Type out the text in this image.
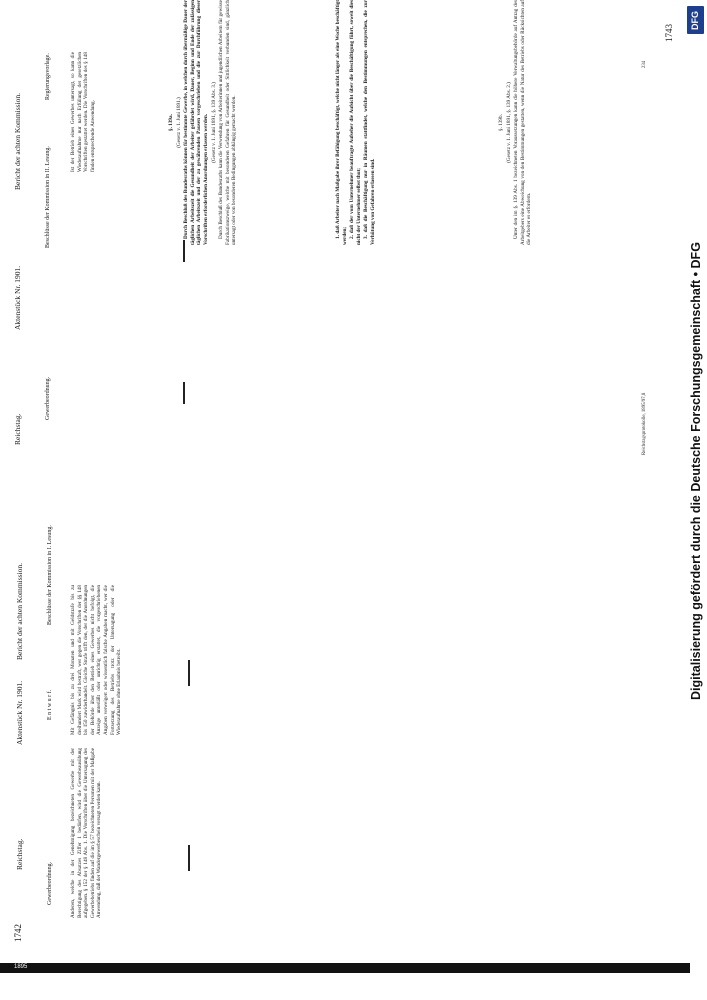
1742
Reichstag.
Aktenstück Nr. 1901.
Bericht der achten Kommission.
Gewerbeordnung.
E n t w u r f.
Beschlüsse der Kommission in I. Lesung.

Anderen, welche in der Genehmigung bezeichneten Gewerbe mit der Berechtigung des Absatzes Ziffer 1 bedürfen, wird die Gewerbeausübung aufgegeben. § 152 der § 148 Abs. 1. Die Vorschriften über die Untersagung des Gewerbebetriebs finden auf die im § 57 bezeichneten Personen mit der Maßgabe Anwendung, daß der Wandergewerbeschein versagt werden kann.

Mit Gefängnis bis zu drei Monaten und mit Geldstrafe bis zu dreihundert Mark wird bestraft, wer gegen die Vorschriften der §§ 148 bis 150 zuwiderhandelt. Gleiche Strafe trifft den, der die Anordnungen der Behörde über den Betrieb eines Gewerbes nicht befolgt, die Anzeige unterläßt oder unrichtig erstattet, die vorgeschriebenen Angaben verweigert oder wissentlich falsche Angaben macht, wer die Fortsetzung des Betriebs trotz der Untersagung oder die Wiederaufnahme ohne Erlaubnis betreibt.

1743
Reichstag.
Aktenstück Nr. 1901.
Bericht der achten Kommission.
Gewerbeordnung.
Beschlüsse der Kommission in II. Lesung.
Regierungsvorlage.	Ist der Betrieb eines Gewerbes untersagt, so kann die Wiederaufnahme nur nach Erfüllung der gesetzlichen Vorschriften gestattet werden. Die Vorschriften des § 148 finden entsprechende Anwendung.	§. 139a. (Gesetz v. 1. Juni 1891.) Durch Beschluß des Bundesraths können für bestimmte Gewerbe, in welchen durch übermäßige Dauer der täglichen Arbeitszeit die Gesundheit der Arbeiter gefährdet wird, Dauer, Beginn und Ende der zulässigen täglichen Arbeitszeit und der zu gewährenden Pausen vorgeschrieben und die zur Durchführung dieser Vorschriften erforderlichen Anordnungen erlassen werden. (Gesetz v. 1. Juni 1891, §. 139 Abs. 3.) Durch Beschluß des Bundesraths kann die Verwendung von Arbeiterinnen und jugendlichen Arbeitern für gewisse Fabrikationszweige, welche mit besonderen Gefahren für Gesundheit oder Sittlichkeit verbunden sind, gänzlich untersagt oder von besonderen Bedingungen abhängig gemacht werden.	1. daß Arbeiter nach Maßgabe ihrer Befähigung beschäftigt, welche nicht länger als eine Woche beschäftigt werden; 2. daß der vom Unternehmer beauftragte Aufseher die Aufsicht über die Beschäftigung führt, soweit dies nicht der Unternehmer selbst thut; 3. daß die Beschäftigung nur in Räumen stattfindet, welche den Bestimmungen entsprechen, die zur Verhütung von Gefahren erlassen sind.

§. 139b. (Gesetz v. 1. Juni 1891, §. 139 Abs. 2.) Unter den im §. 139 Abs. 1 bezeichneten Voraussetzungen kann die höhere Verwaltungsbehörde auf Antrag des Arbeitgebers eine Abweichung von den Bestimmungen gestatten, wenn die Natur des Betriebs oder Rücksichten auf die Arbeiter es erfordern.

234
Reichstagsprotokolle, 1895/97,8
DFG
Digitalisierung gefördert durch die Deutsche Forschungsgemeinschaft • DFG
1895
